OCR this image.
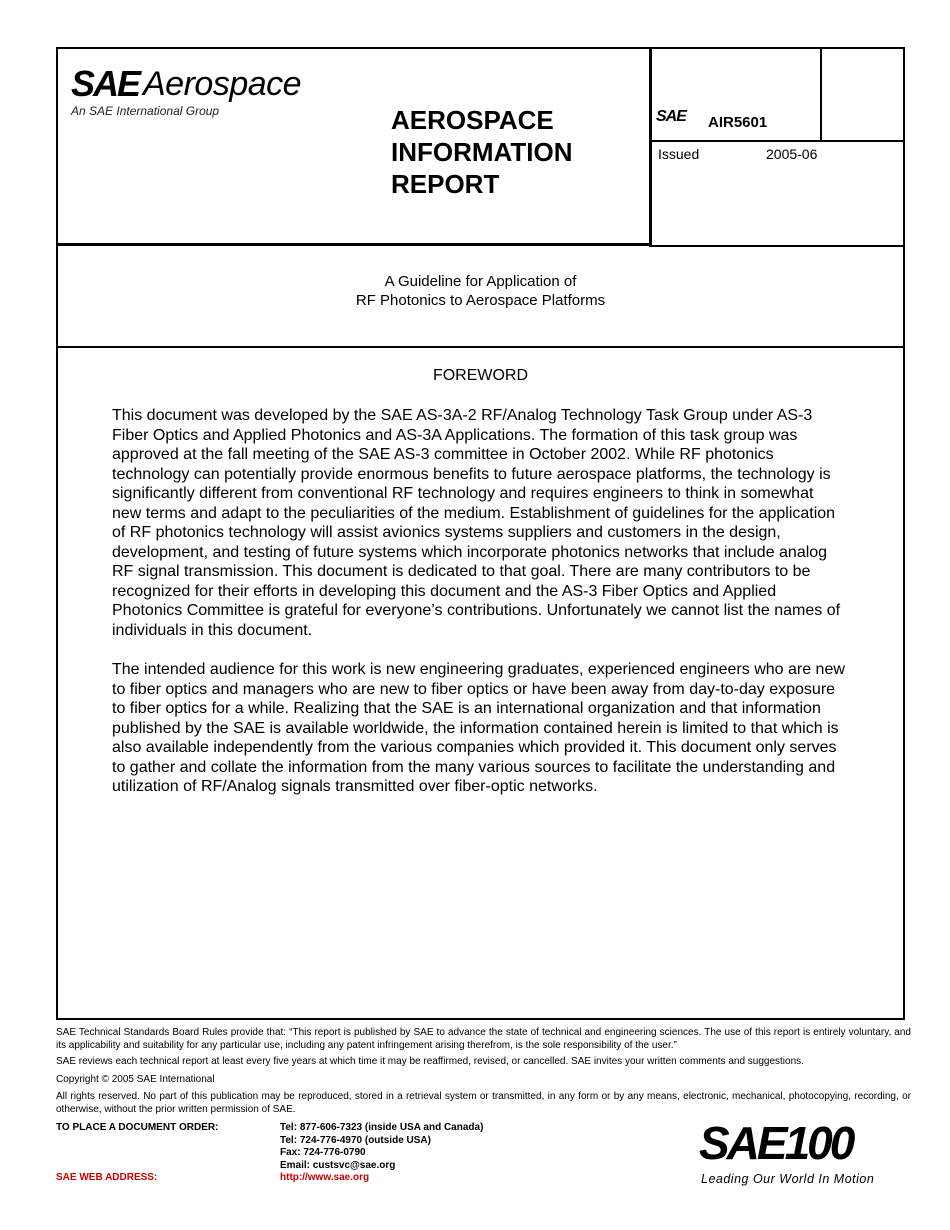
SAE Aerospace
An SAE International Group	AEROSPACE
INFORMATION
REPORT
SAE AIR5601
Issued	2005-06
A Guideline for Application of
RF Photonics to Aerospace Platforms
FOREWORD

This document was developed by the SAE AS-3A-2 RF/Analog Technology Task Group under AS-3 Fiber Optics and Applied Photonics and AS-3A Applications. The formation of this task group was approved at the fall meeting of the SAE AS-3 committee in October 2002. While RF photonics technology can potentially provide enormous benefits to future aerospace platforms, the technology is significantly different from conventional RF technology and requires engineers to think in somewhat new terms and adapt to the peculiarities of the medium. Establishment of guidelines for the application of RF photonics technology will assist avionics systems suppliers and customers in the design, development, and testing of future systems which incorporate photonics networks that include analog RF signal transmission. This document is dedicated to that goal. There are many contributors to be recognized for their efforts in developing this document and the AS-3 Fiber Optics and Applied Photonics Committee is grateful for everyone’s contributions. Unfortunately we cannot list the names of individuals in this document.

The intended audience for this work is new engineering graduates, experienced engineers who are new to fiber optics and managers who are new to fiber optics or have been away from day-to-day exposure to fiber optics for a while. Realizing that the SAE is an international organization and that information published by the SAE is available worldwide, the information contained herein is limited to that which is also available independently from the various companies which provided it. This document only serves to gather and collate the information from the many various sources to facilitate the understanding and utilization of RF/Analog signals transmitted over fiber-optic networks.

SAE Technical Standards Board Rules provide that: “This report is published by SAE to advance the state of technical and engineering sciences. The use of this report is entirely voluntary, and its applicability and suitability for any particular use, including any patent infringement arising therefrom, is the sole responsibility of the user.”
SAE reviews each technical report at least every five years at which time it may be reaffirmed, revised, or cancelled. SAE invites your written comments and suggestions.
Copyright © 2005 SAE International
All rights reserved. No part of this publication may be reproduced, stored in a retrieval system or transmitted, in any form or by any means, electronic, mechanical, photocopying, recording, or otherwise, without the prior written permission of SAE.
TO PLACE A DOCUMENT ORDER:
SAE WEB ADDRESS:
Tel: 877-606-7323 (inside USA and Canada)
Tel: 724-776-4970 (outside USA)
Fax: 724-776-0790
Email: custsvc@sae.org
http://www.sae.org
SAE100
Leading Our World In Motion
